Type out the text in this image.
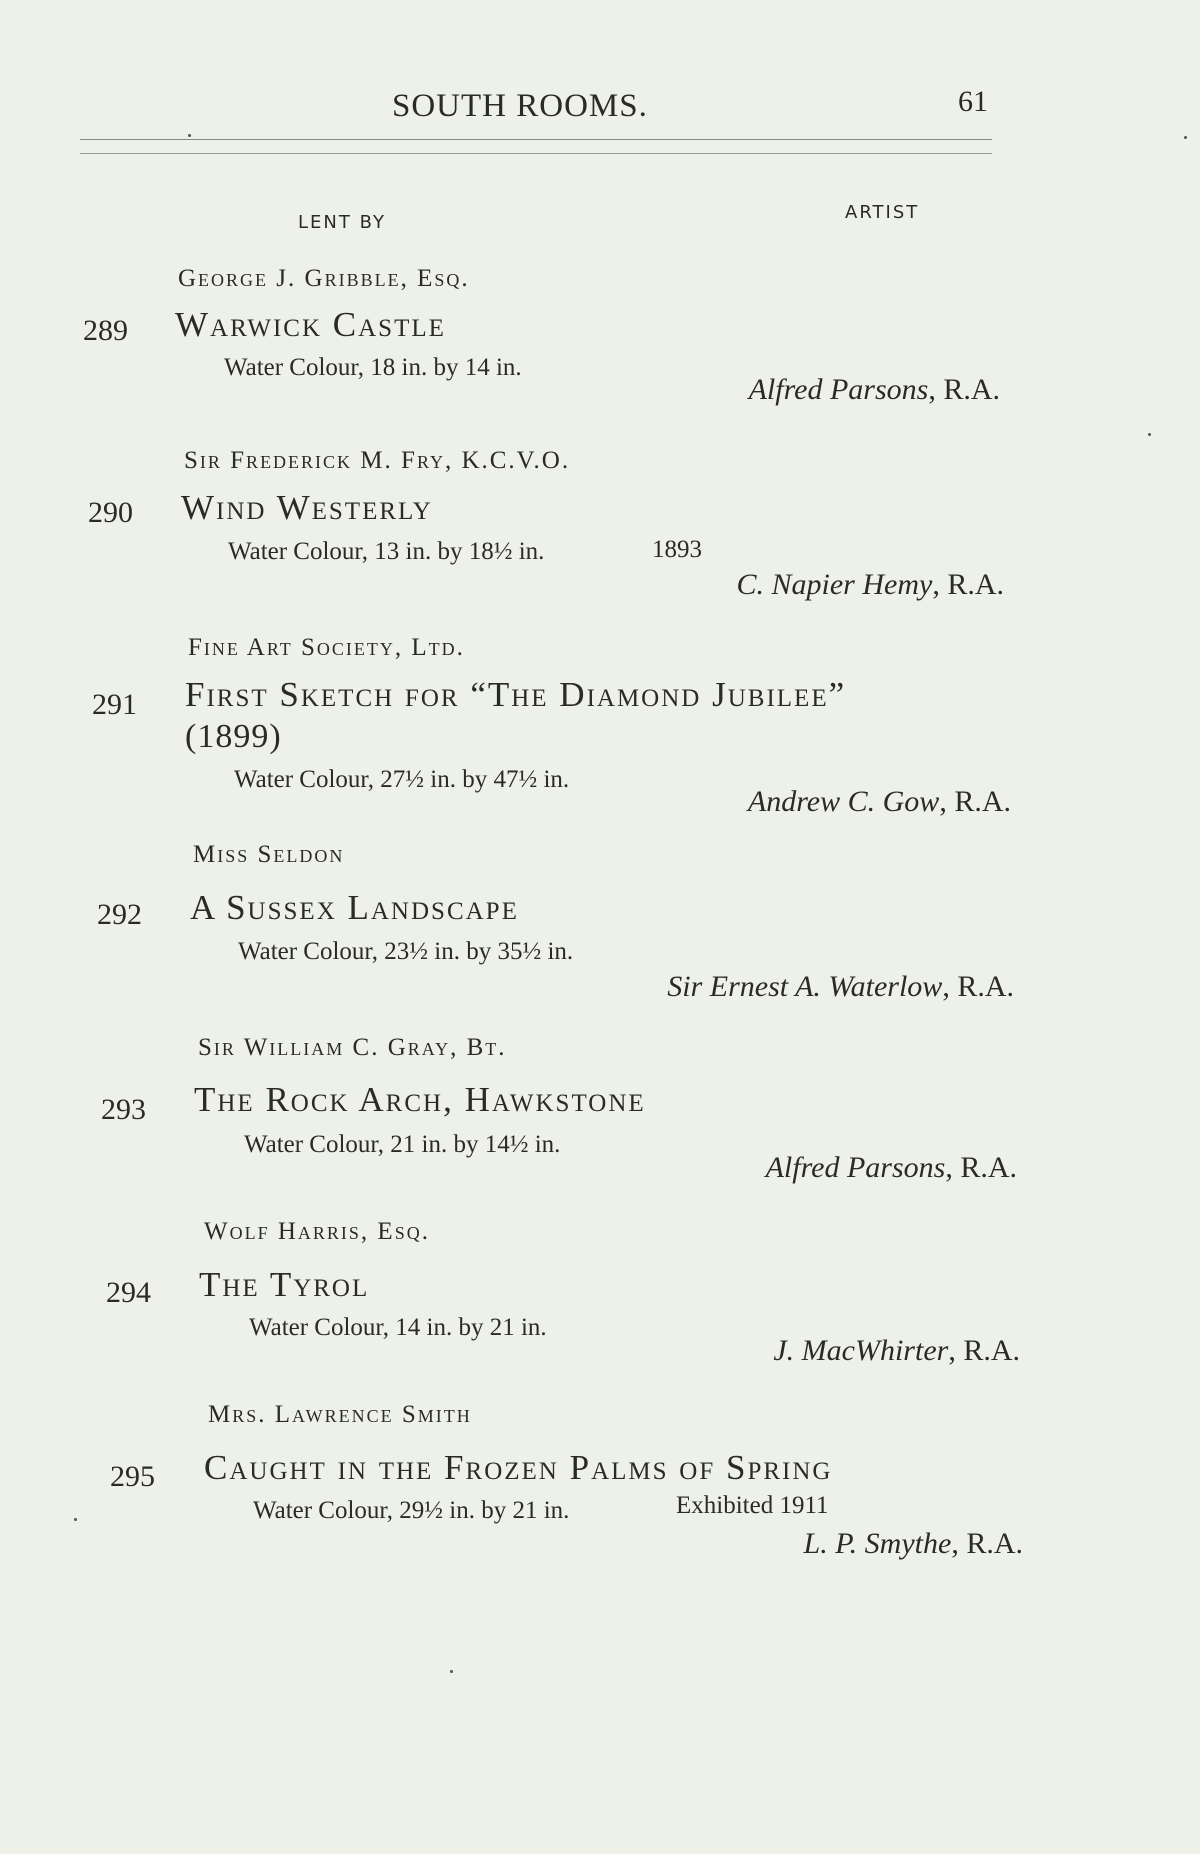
SOUTH ROOMS.	61
LENT BY	ARTIST
George J. Gribble, Esq.
289 Warwick Castle
Water Colour, 18 in. by 14 in.
Alfred Parsons, R.A.
Sir Frederick M. Fry, K.C.V.O.
290 Wind Westerly
Water Colour, 13 in. by 18½ in.	1893
C. Napier Hemy, R.A.
Fine Art Society, Ltd.
291 First Sketch for “The Diamond Jubilee”
(1899)
Water Colour, 27½ in. by 47½ in.
Andrew C. Gow, R.A.
Miss Seldon
292 A Sussex Landscape
Water Colour, 23½ in. by 35½ in.
Sir Ernest A. Waterlow, R.A.
Sir William C. Gray, Bt.
293 The Rock Arch, Hawkstone
Water Colour, 21 in. by 14½ in.
Alfred Parsons, R.A.
Wolf Harris, Esq.
294 The Tyrol
Water Colour, 14 in. by 21 in.
J. MacWhirter, R.A.
Mrs. Lawrence Smith
295 Caught in the Frozen Palms of Spring
Water Colour, 29½ in. by 21 in.	Exhibited 1911
L. P. Smythe, R.A.
